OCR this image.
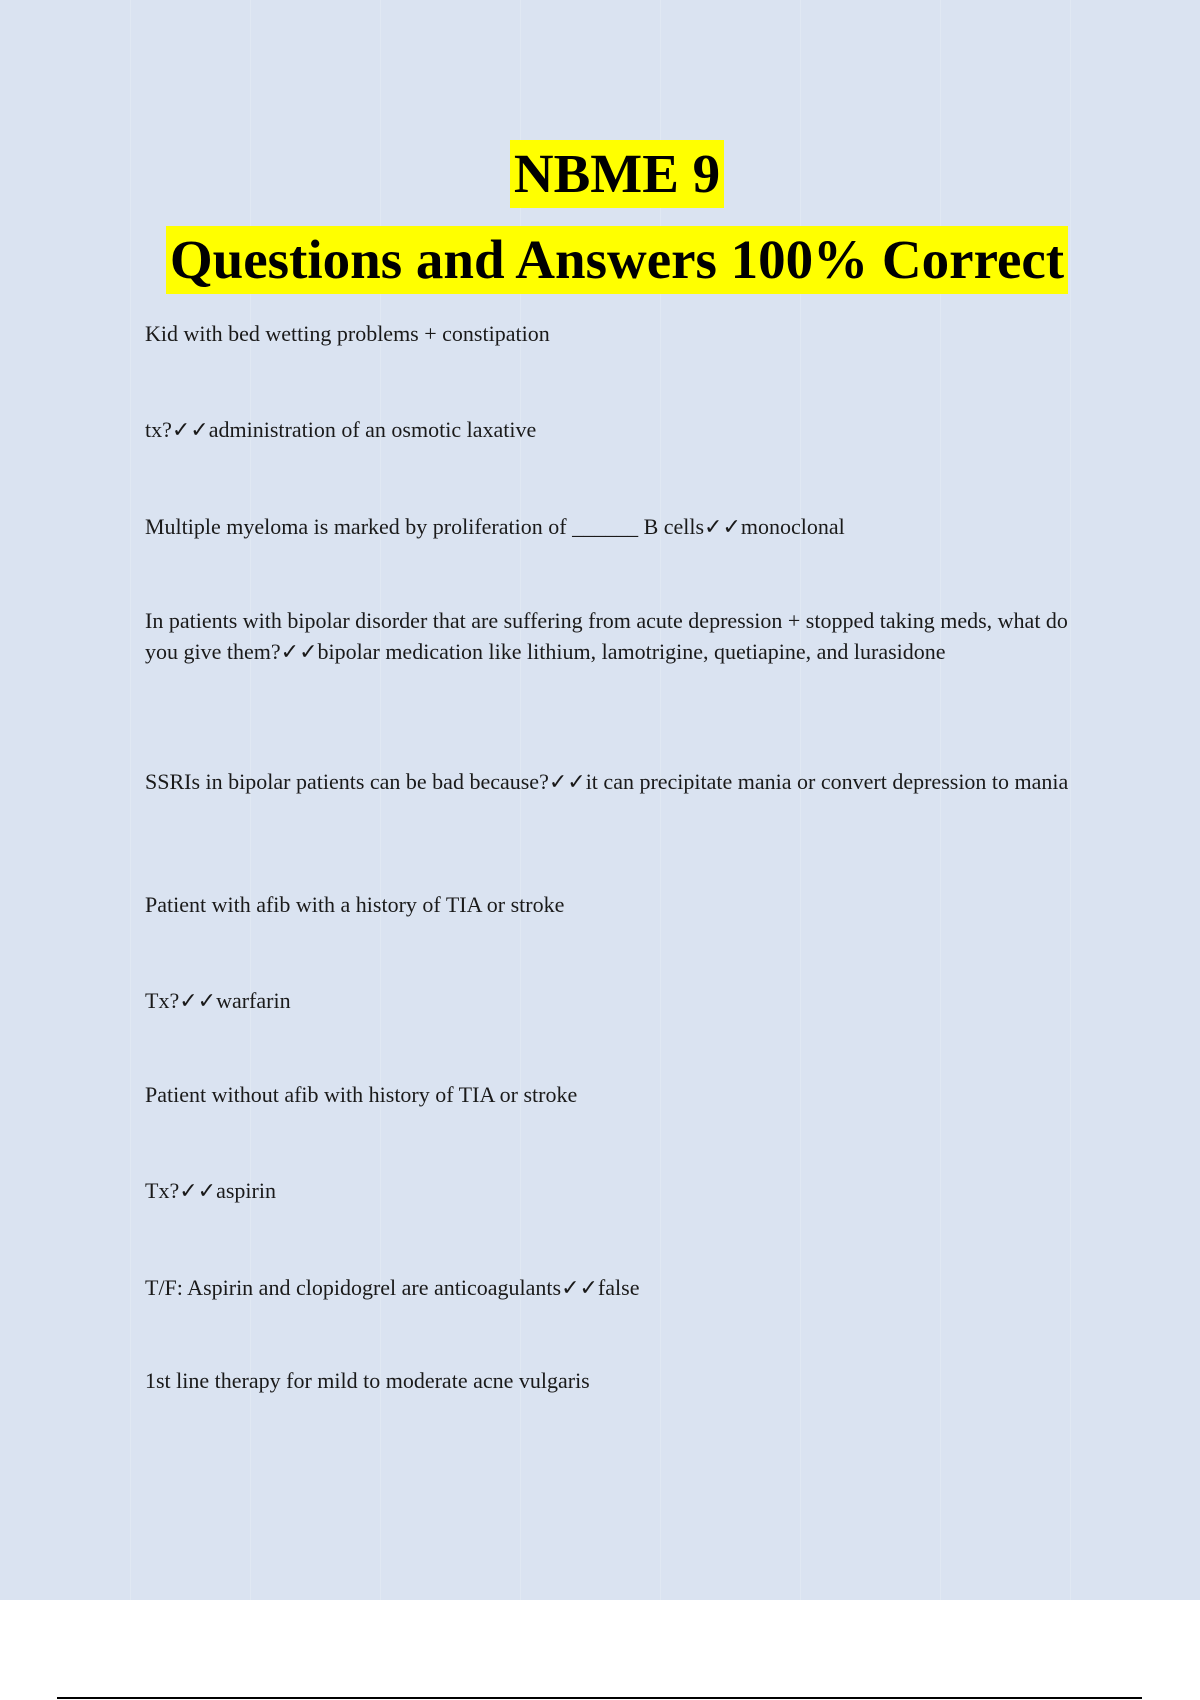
NBME 9
Questions and Answers 100% Correct

Kid with bed wetting problems + constipation

tx?✓✓administration of an osmotic laxative

Multiple myeloma is marked by proliferation of ______ B cells✓✓monoclonal

In patients with bipolar disorder that are suffering from acute depression + stopped taking meds, what do you give them?✓✓bipolar medication like lithium, lamotrigine, quetiapine, and lurasidone

SSRIs in bipolar patients can be bad because?✓✓it can precipitate mania or convert depression to mania

Patient with afib with a history of TIA or stroke

Tx?✓✓warfarin

Patient without afib with history of TIA or stroke

Tx?✓✓aspirin

T/F: Aspirin and clopidogrel are anticoagulants✓✓false

1st line therapy for mild to moderate acne vulgaris
